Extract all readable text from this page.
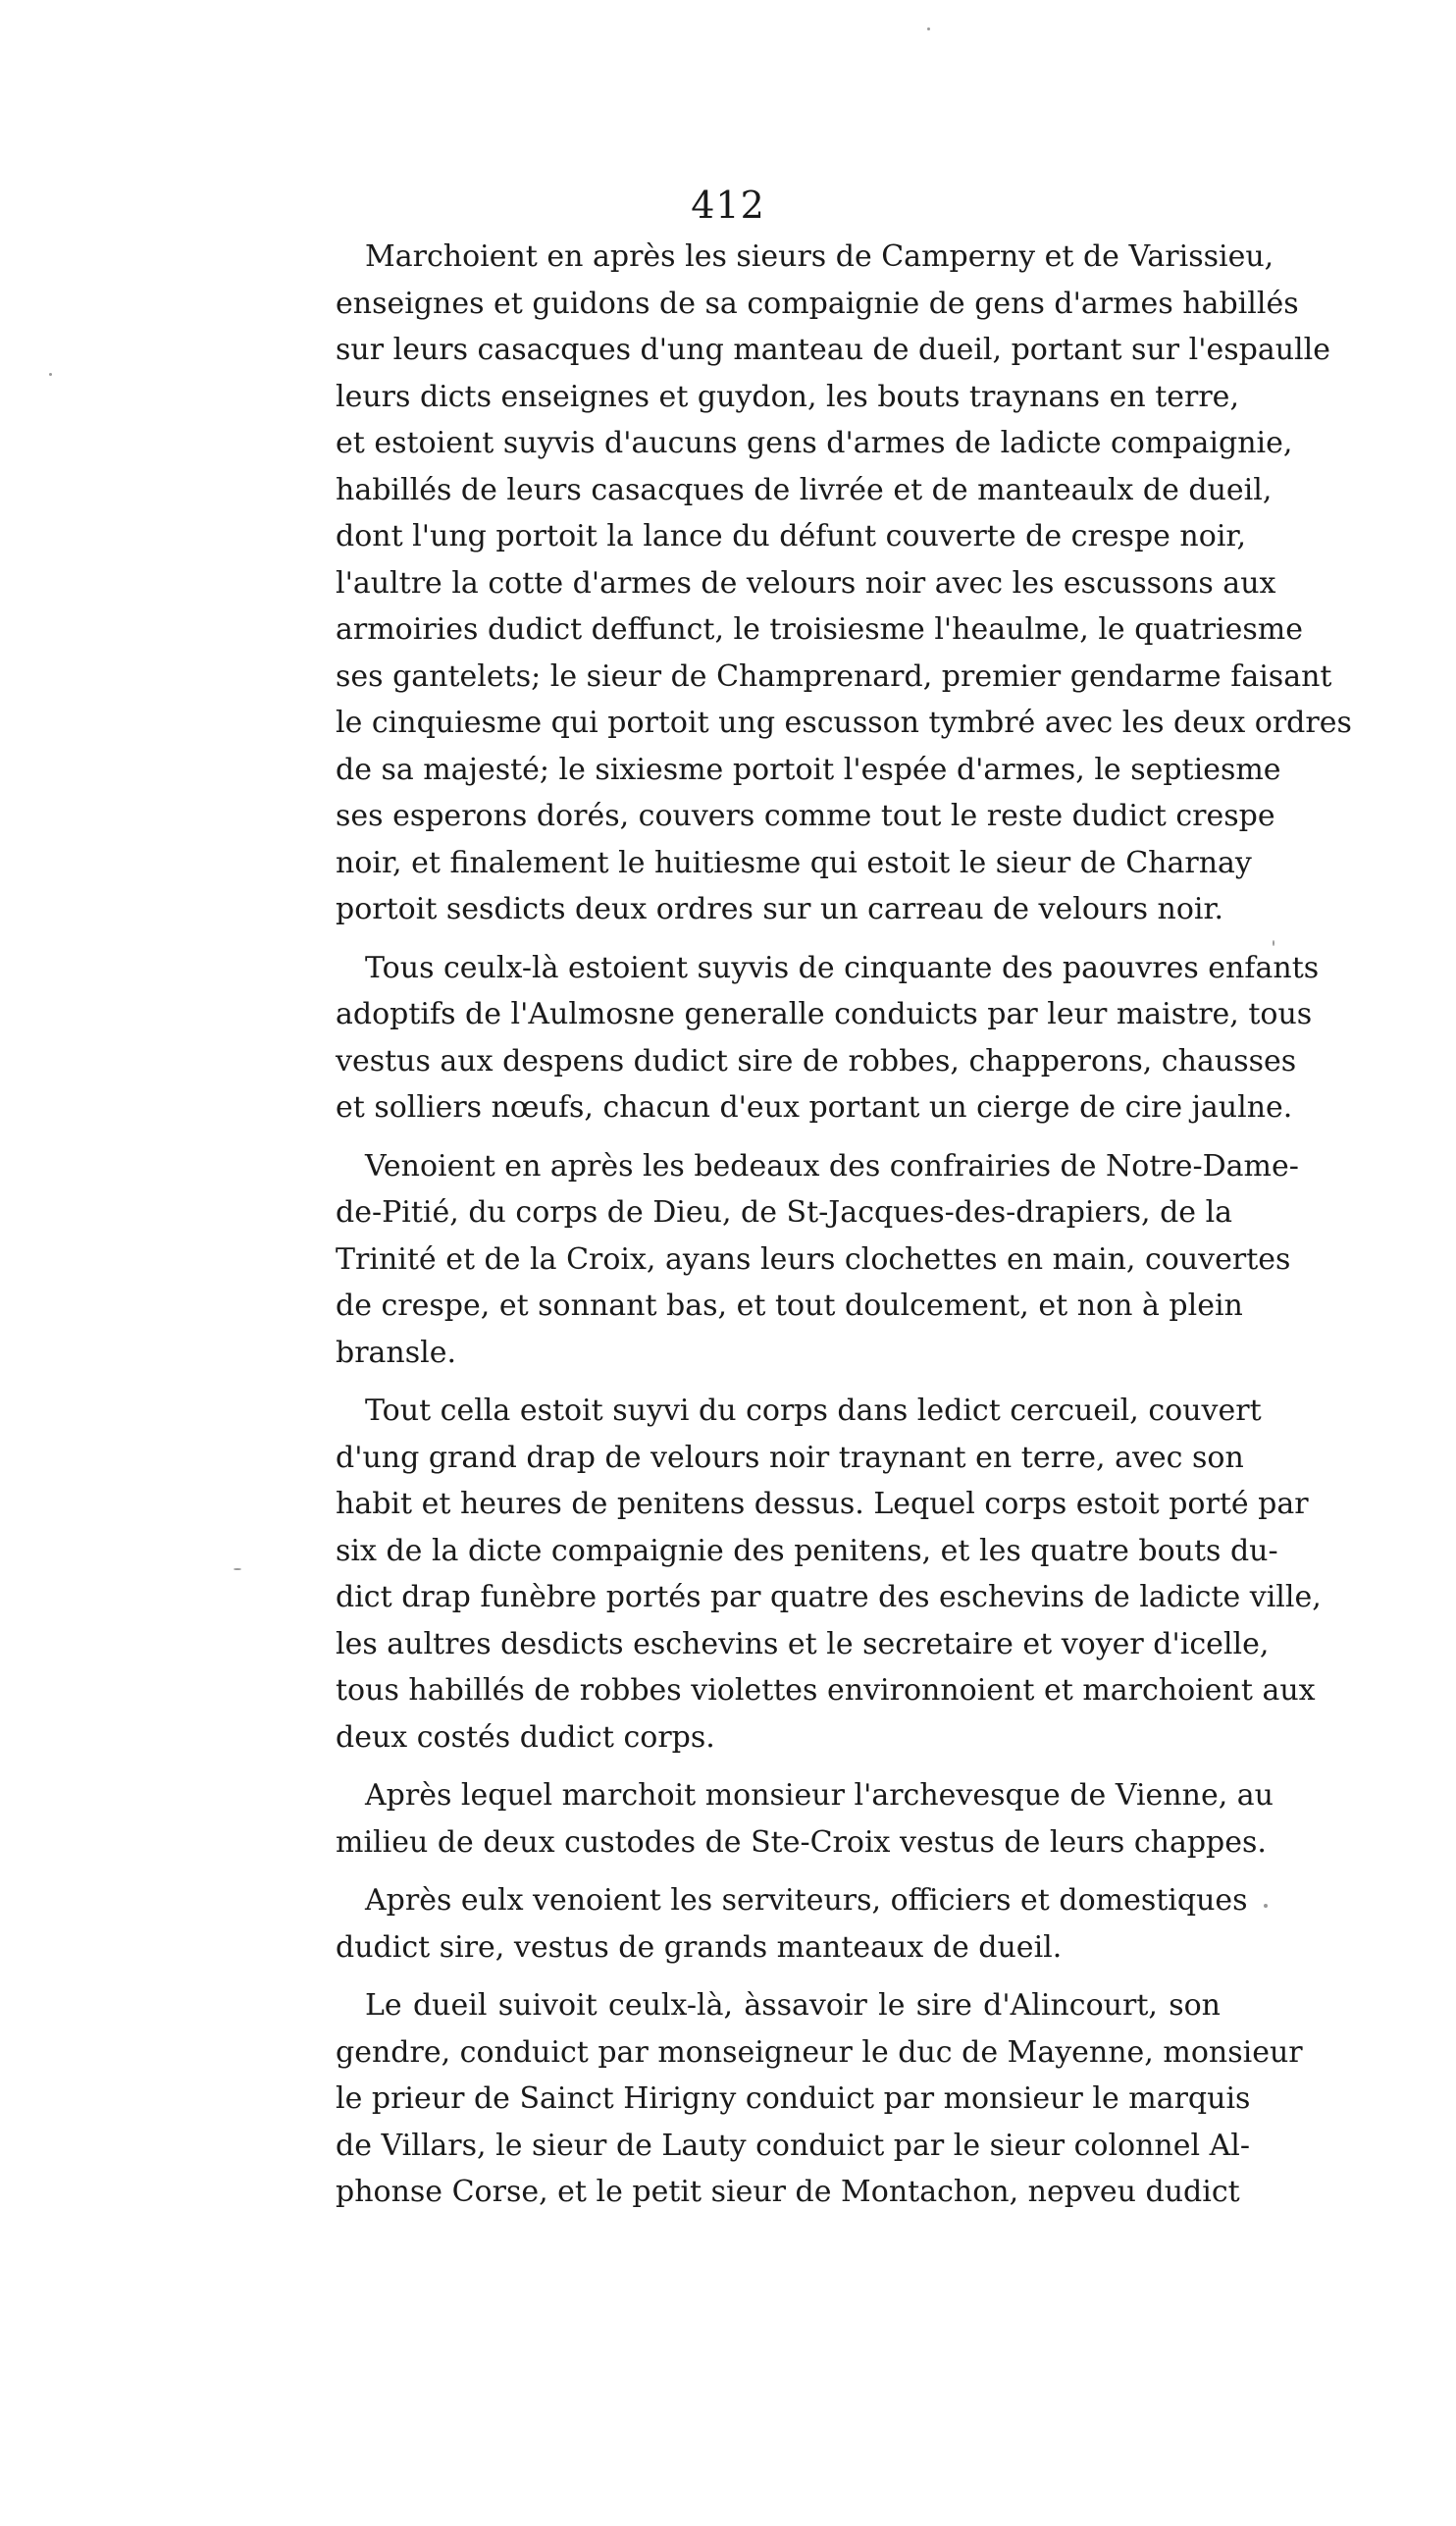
412
Marchoient en après les sieurs de Camperny et de Varissieu,
enseignes et guidons de sa compaignie de gens d'armes habillés
sur leurs casacques d'ung manteau de dueil, portant sur l'espaulle
leurs dicts enseignes et guydon, les bouts traynans en terre,
et estoient suyvis d'aucuns gens d'armes de ladicte compaignie,
habillés de leurs casacques de livrée et de manteaulx de dueil,
dont l'ung portoit la lance du défunt couverte de crespe noir,
l'aultre la cotte d'armes de velours noir avec les escussons aux
armoiries dudict deffunct, le troisiesme l'heaulme, le quatriesme
ses gantelets; le sieur de Champrenard, premier gendarme faisant
le cinquiesme qui portoit ung escusson tymbré avec les deux ordres
de sa majesté; le sixiesme portoit l'espée d'armes, le septiesme
ses esperons dorés, couvers comme tout le reste dudict crespe
noir, et finalement le huitiesme qui estoit le sieur de Charnay
portoit sesdicts deux ordres sur un carreau de velours noir.
Tous ceulx-là estoient suyvis de cinquante des paouvres enfants
adoptifs de l'Aulmosne generalle conduicts par leur maistre, tous
vestus aux despens dudict sire de robbes, chapperons, chausses
et solliers nœufs, chacun d'eux portant un cierge de cire jaulne.
Venoient en après les bedeaux des confrairies de Notre-Dame-
de-Pitié, du corps de Dieu, de St-Jacques-des-drapiers, de la
Trinité et de la Croix, ayans leurs clochettes en main, couvertes
de crespe, et sonnant bas, et tout doulcement, et non à plein
bransle.
Tout cella estoit suyvi du corps dans ledict cercueil, couvert
d'ung grand drap de velours noir traynant en terre, avec son
habit et heures de penitens dessus. Lequel corps estoit porté par
six de la dicte compaignie des penitens, et les quatre bouts du-
dict drap funèbre portés par quatre des eschevins de ladicte ville,
les aultres desdicts eschevins et le secretaire et voyer d'icelle,
tous habillés de robbes violettes environnoient et marchoient aux
deux costés dudict corps.
Après lequel marchoit monsieur l'archevesque de Vienne, au
milieu de deux custodes de Ste-Croix vestus de leurs chappes.
Après eulx venoient les serviteurs, officiers et domestiques
dudict sire, vestus de grands manteaux de dueil.
Le dueil suivoit ceulx-là, àssavoir le sire d'Alincourt, son
gendre, conduict par monseigneur le duc de Mayenne, monsieur
le prieur de Sainct Hirigny conduict par monsieur le marquis
de Villars, le sieur de Lauty conduict par le sieur colonnel Al-
phonse Corse, et le petit sieur de Montachon, nepveu dudict
